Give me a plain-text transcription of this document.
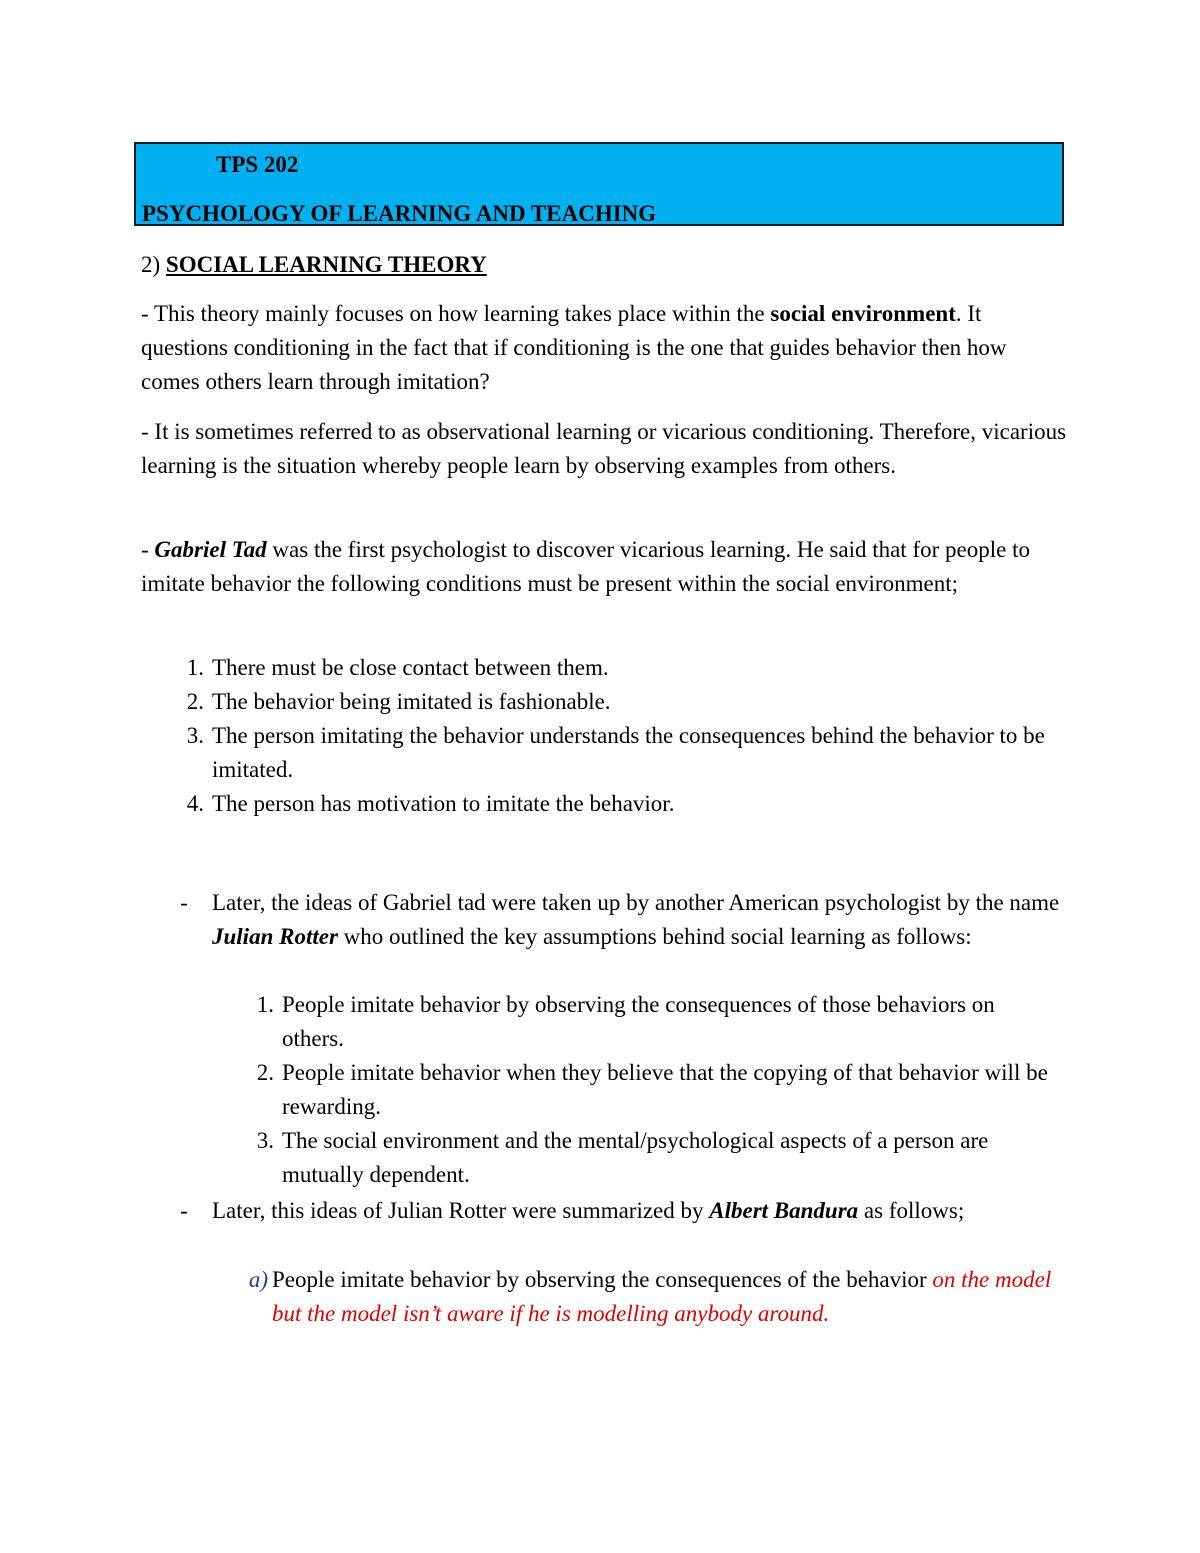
TPS 202
PSYCHOLOGY OF LEARNING AND TEACHING
2) SOCIAL LEARNING THEORY
- This theory mainly focuses on how learning takes place within the social environment. It questions conditioning in the fact that if conditioning is the one that guides behavior then how comes others learn through imitation?
- It is sometimes referred to as observational learning or vicarious conditioning. Therefore, vicarious learning is the situation whereby people learn by observing examples from others.
- Gabriel Tad was the first psychologist to discover vicarious learning. He said that for people to imitate behavior the following conditions must be present within the social environment;
1. There must be close contact between them.
2. The behavior being imitated is fashionable.
3. The person imitating the behavior understands the consequences behind the behavior to be imitated.
4. The person has motivation to imitate the behavior.
- Later, the ideas of Gabriel tad were taken up by another American psychologist by the name Julian Rotter who outlined the key assumptions behind social learning as follows:
1. People imitate behavior by observing the consequences of those behaviors on others.
2. People imitate behavior when they believe that the copying of that behavior will be rewarding.
3. The social environment and the mental/psychological aspects of a person are mutually dependent.
- Later, this ideas of Julian Rotter were summarized by Albert Bandura as follows;
a) People imitate behavior by observing the consequences of the behavior on the model but the model isn’t aware if he is modelling anybody around.
